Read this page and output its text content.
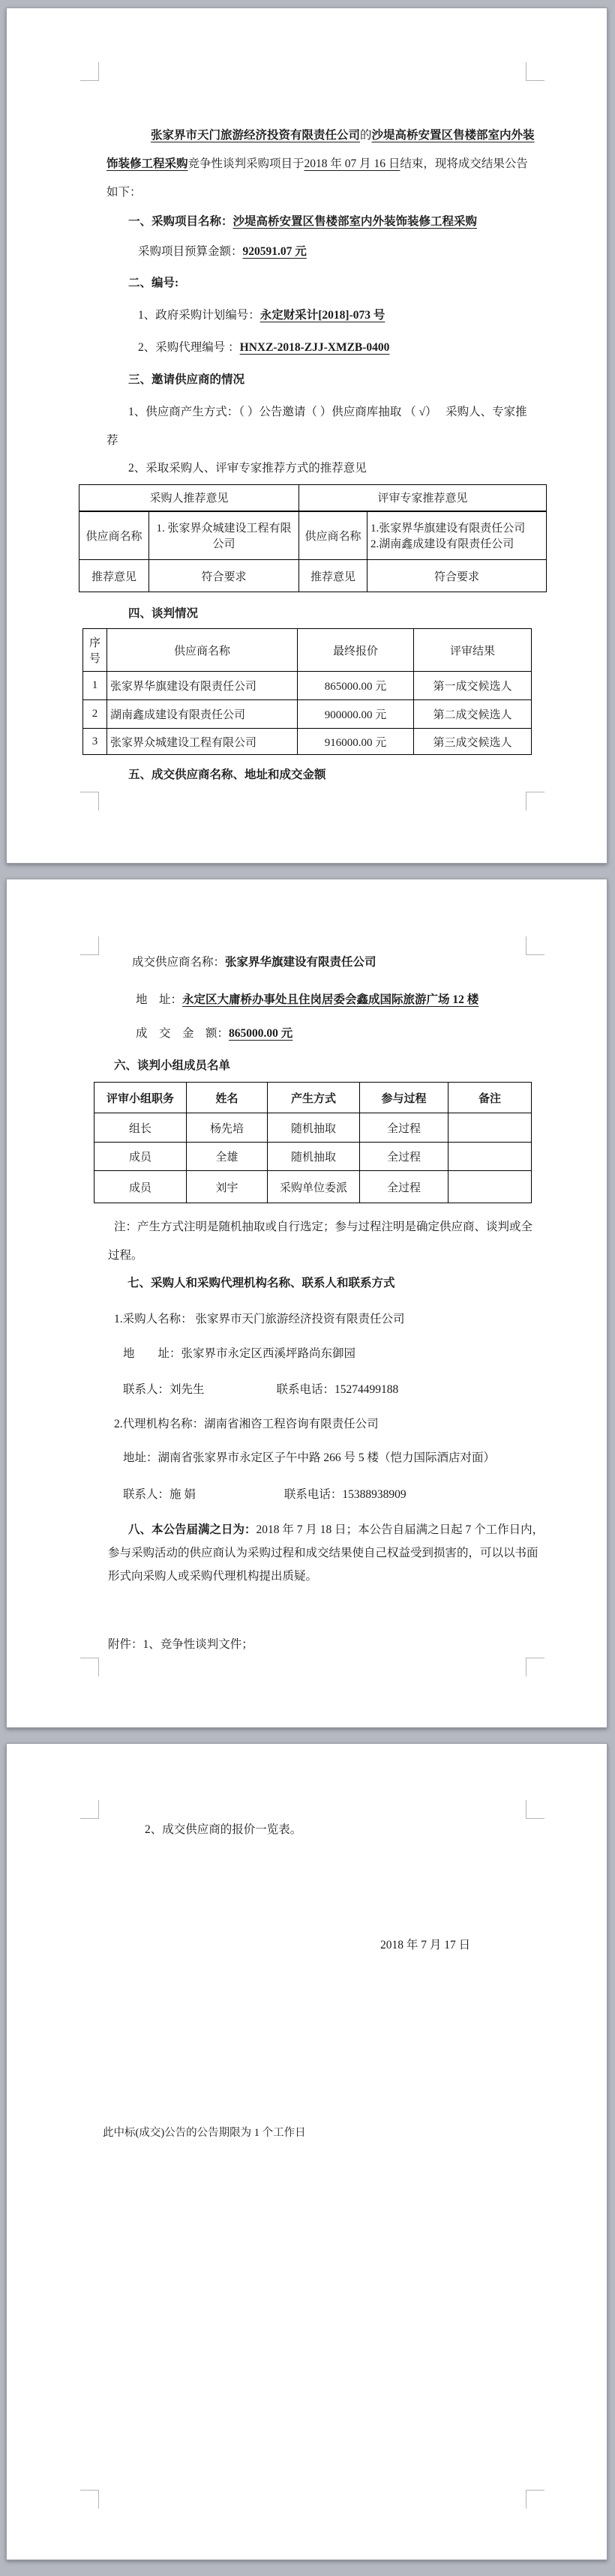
张家界市天门旅游经济投资有限责任公司的沙堤高桥安置区售楼部室内外装饰装修工程采购竞争性谈判采购项目于2018 年 07 月 16 日结束，现将成交结果公告如下：

一、采购项目名称：沙堤高桥安置区售楼部室内外装饰装修工程采购
采购项目预算金额：920591.07 元
二、编号:
1、政府采购计划编号：永定财采计[2018]-073 号
2、采购代理编号 ：HNXZ-2018-ZJJ-XMZB-0400
三、邀请供应商的情况

1、供应商产生方式：（ ）公告邀请（ ）供应商库抽取 （ √）　 采购人、专家推荐

2、采取采购人、评审专家推荐方式的推荐意见
采购人推荐意见		评审专家推荐意见	
供应商名称	1. 张家界众城建设工程有限公司	供应商名称	1.张家界华旗建设有限责任公司
2.湖南鑫成建设有限责任公司

推荐意见	符合要求	推荐意见	符合要求
四、谈判情况
序号	供应商名称	最终报价	评审结果
1	张家界华旗建设有限责任公司	865000.00 元	第一成交候选人
2	湖南鑫成建设有限责任公司	900000.00 元	第二成交候选人
3	张家界众城建设工程有限公司	916000.00 元	第三成交候选人
五、成交供应商名称、地址和成交金额
成交供应商名称：张家界华旗建设有限责任公司
地　址：永定区大庸桥办事处且住岗居委会鑫成国际旅游广场 12 楼
成　交　金　额：865000.00 元
六、谈判小组成员名单
评审小组职务	姓名	产生方式	参与过程	备注
组长	杨先培	随机抽取	全过程	
成员	全雄	随机抽取	全过程	
成员	刘宇	采购单位委派	全过程	

注：产生方式注明是随机抽取或自行选定；参与过程注明是确定供应商、谈判或全过程。

七、采购人和采购代理机构名称、联系人和联系方式
1.采购人名称： 张家界市天门旅游经济投资有限责任公司
地　　址：张家界市永定区西溪坪路尚东御园
联系人：刘先生	联系电话：15274499188
2.代理机构名称：湖南省湘咨工程咨询有限责任公司
地址：湖南省张家界市永定区子午中路 266 号 5 楼（恺力国际酒店对面）
联系人：施 娟	联系电话：15388938909

八、本公告届满之日为：2018 年 7 月 18 日；本公告自届满之日起 7 个工作日内，参与采购活动的供应商认为采购过程和成交结果使自己权益受到损害的，可以以书面形式向采购人或采购代理机构提出质疑。

附件：1、竞争性谈判文件；
2、成交供应商的报价一览表。
2018 年 7 月 17 日
此中标(成交)公告的公告期限为 1 个工作日
